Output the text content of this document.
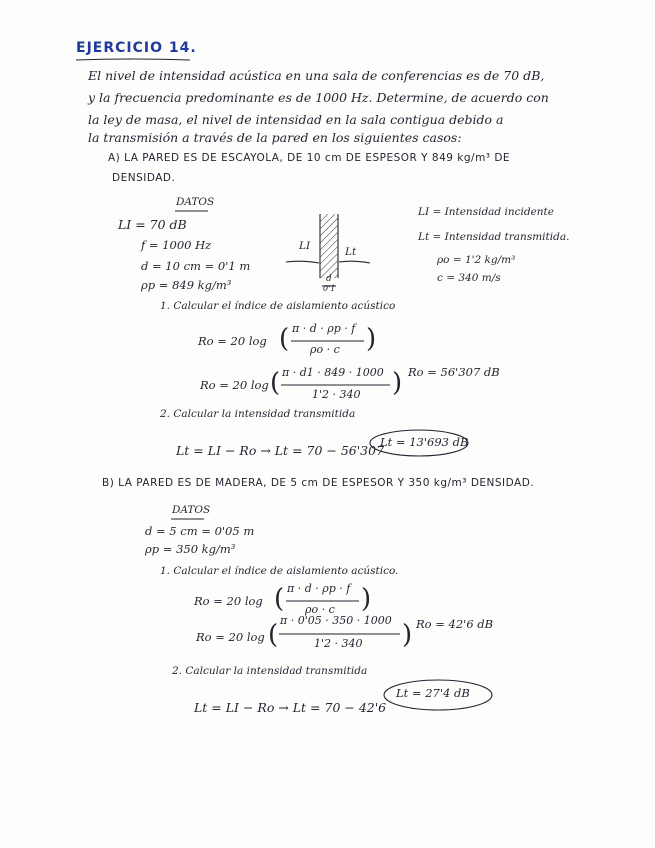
EJERCICIO 14.
El nivel de intensidad acústica en una sala de conferencias es de 70 dB,
y la frecuencia predominante es de 1000 Hz. Determine, de acuerdo con
la ley de masa, el nivel de intensidad en la sala contigua debido a
la transmisión a través de la pared en los siguientes casos:
A) LA PARED ES DE ESCAYOLA, DE 10 cm DE ESPESOR Y 849 kg/m³ DE
DENSIDAD.
DATOS
LI = 70 dB
f = 1000 Hz
d = 10 cm = 0'1 m
ρp = 849 kg/m³
LI	Lt
d
0'1
LI = Intensidad incidente
Lt = Intensidad transmitida.
ρo = 1'2 kg/m³
c = 340 m/s
1. Calcular el índice de aislamiento acústico
Ro = 20 log ( π · d · ρp · f
ρo · c )
Ro = 20 log ( π · d1 · 849 · 1000
1'2 · 340 ) Ro = 56'307 dB
2. Calcular la intensidad transmitida
Lt = LI − Ro → Lt = 70 − 56'307
Lt = 13'693 dB
B) LA PARED ES DE MADERA, DE 5 cm DE ESPESOR Y 350 kg/m³ DENSIDAD.
DATOS
d = 5 cm = 0'05 m
ρp = 350 kg/m³
1. Calcular el índice de aislamiento acústico.
Ro = 20 log ( π · d · ρp · f
ρo · c )
Ro = 20 log ( π · 0'05 · 350 · 1000
1'2 · 340 ) Ro = 42'6 dB
2. Calcular la intensidad transmitida
Lt = LI − Ro → Lt = 70 − 42'6
Lt = 27'4 dB
